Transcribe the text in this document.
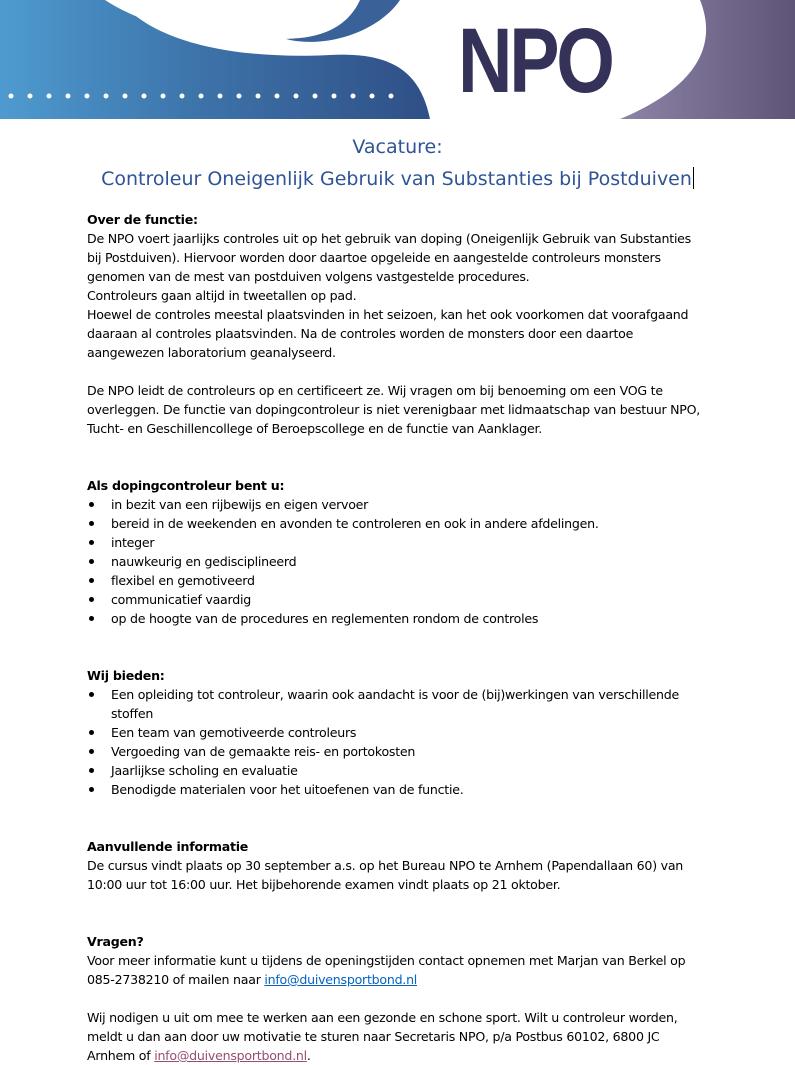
NPO
Vacature:
Controleur Oneigenlijk Gebruik van Substanties bij Postduiven

Over de functie:

De NPO voert jaarlijks controles uit op het gebruik van doping (Oneigenlijk Gebruik van Substanties

bij Postduiven). Hiervoor worden door daartoe opgeleide en aangestelde controleurs monsters

genomen van de mest van postduiven volgens vastgestelde procedures.

Controleurs gaan altijd in tweetallen op pad.

Hoewel de controles meestal plaatsvinden in het seizoen, kan het ook voorkomen dat voorafgaand

daaraan al controles plaatsvinden. Na de controles worden de monsters door een daartoe

aangewezen laboratorium geanalyseerd.

De NPO leidt de controleurs op en certificeert ze. Wij vragen om bij benoeming om een VOG te

overleggen. De functie van dopingcontroleur is niet verenigbaar met lidmaatschap van bestuur NPO,

Tucht- en Geschillencollege of Beroepscollege en de functie van Aanklager.

Als dopingcontroleur bent u:

in bezit van een rijbewijs en eigen vervoer
bereid in de weekenden en avonden te controleren en ook in andere afdelingen.
integer
nauwkeurig en gedisciplineerd
flexibel en gemotiveerd
communicatief vaardig
op de hoogte van de procedures en reglementen rondom de controles

Wij bieden:

Een opleiding tot controleur, waarin ook aandacht is voor de (bij)werkingen van verschillende stoffen
Een team van gemotiveerde controleurs
Vergoeding van de gemaakte reis- en portokosten
Jaarlijkse scholing en evaluatie
Benodigde materialen voor het uitoefenen van de functie.

Aanvullende informatie

De cursus vindt plaats op 30 september a.s. op het Bureau NPO te Arnhem (Papendallaan 60) van

10:00 uur tot 16:00 uur. Het bijbehorende examen vindt plaats op 21 oktober.

Vragen?

Voor meer informatie kunt u tijdens de openingstijden contact opnemen met Marjan van Berkel op

085-2738210 of mailen naar info@duivensportbond.nl

Wij nodigen u uit om mee te werken aan een gezonde en schone sport. Wilt u controleur worden,

meldt u dan aan door uw motivatie te sturen naar Secretaris NPO, p/a Postbus 60102, 6800 JC

Arnhem of info@duivensportbond.nl.
